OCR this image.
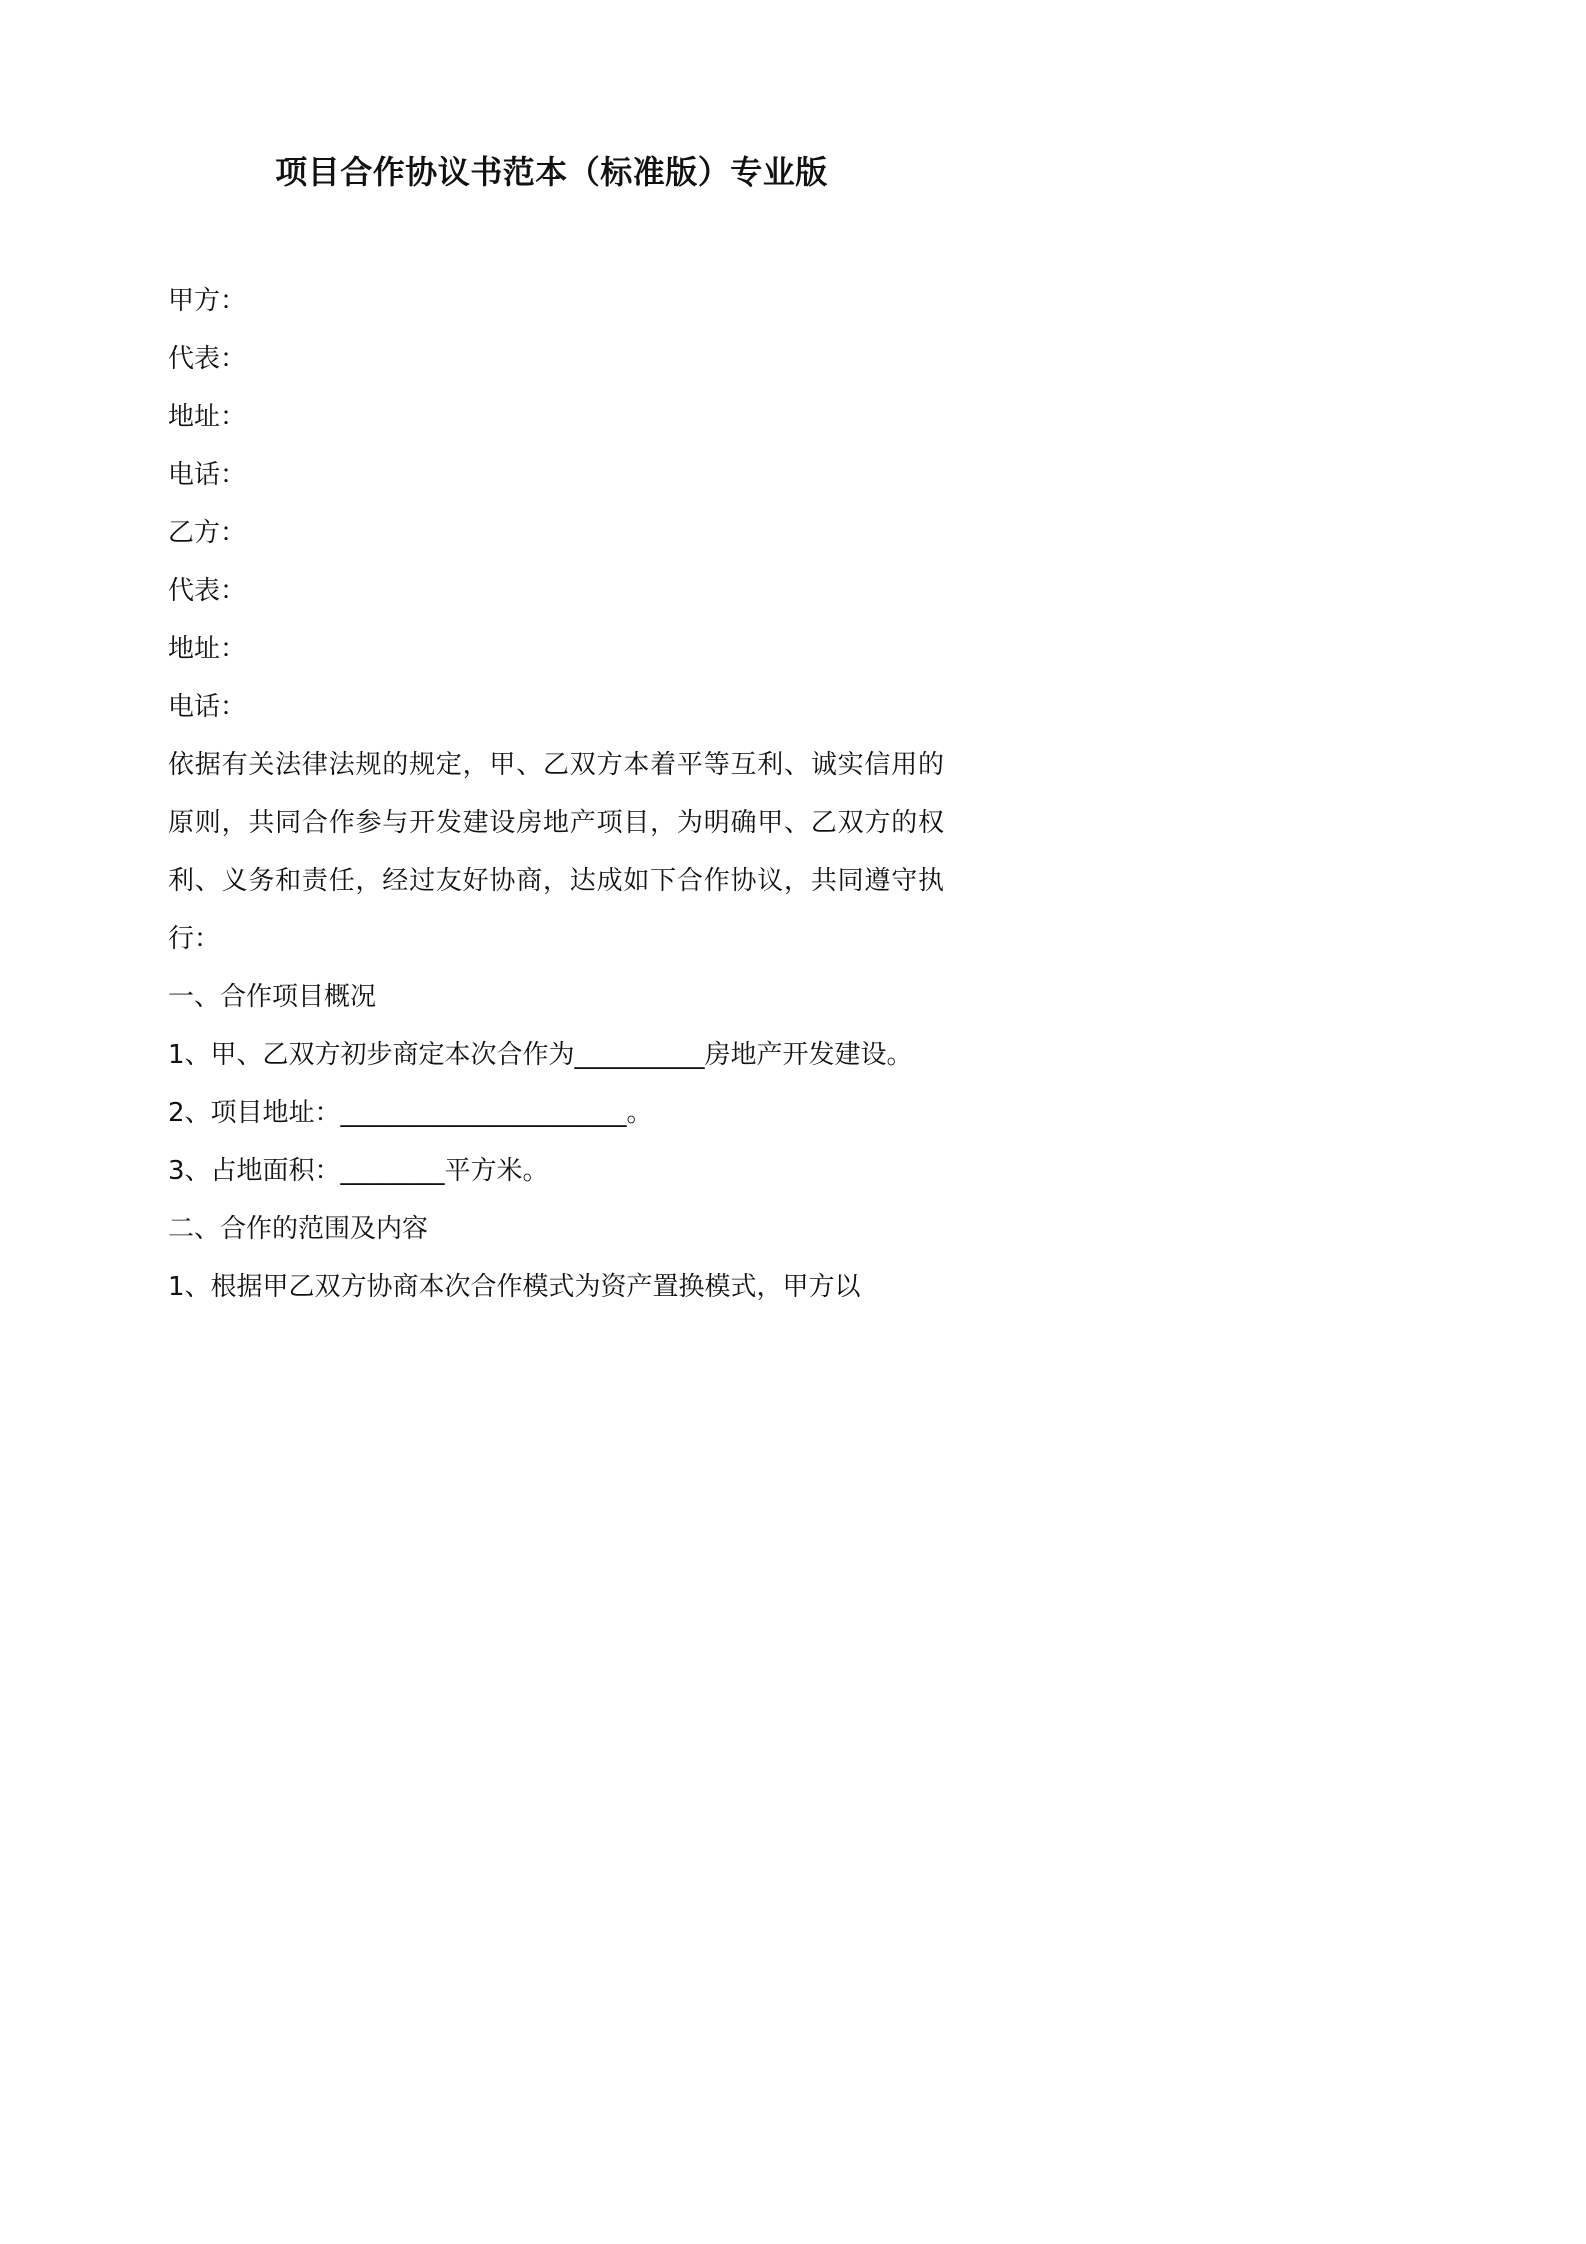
项目合作协议书范本（标准版）专业版

甲方：

代表：

地址：

电话：

乙方：

代表：

地址：

电话：

依据有关法律法规的规定，甲、乙双方本着平等互利、诚实信用的原则，共同合作参与开发建设房地产项目，为明确甲、乙双方的权利、义务和责任，经过友好协商，达成如下合作协议，共同遵守执行：

一、合作项目概况

1、甲、乙双方初步商定本次合作为__________房地产开发建设。

2、项目地址：______________________。

3、占地面积：________平方米。

二、合作的范围及内容

1、根据甲乙双方协商本次合作模式为资产置换模式，甲方以
